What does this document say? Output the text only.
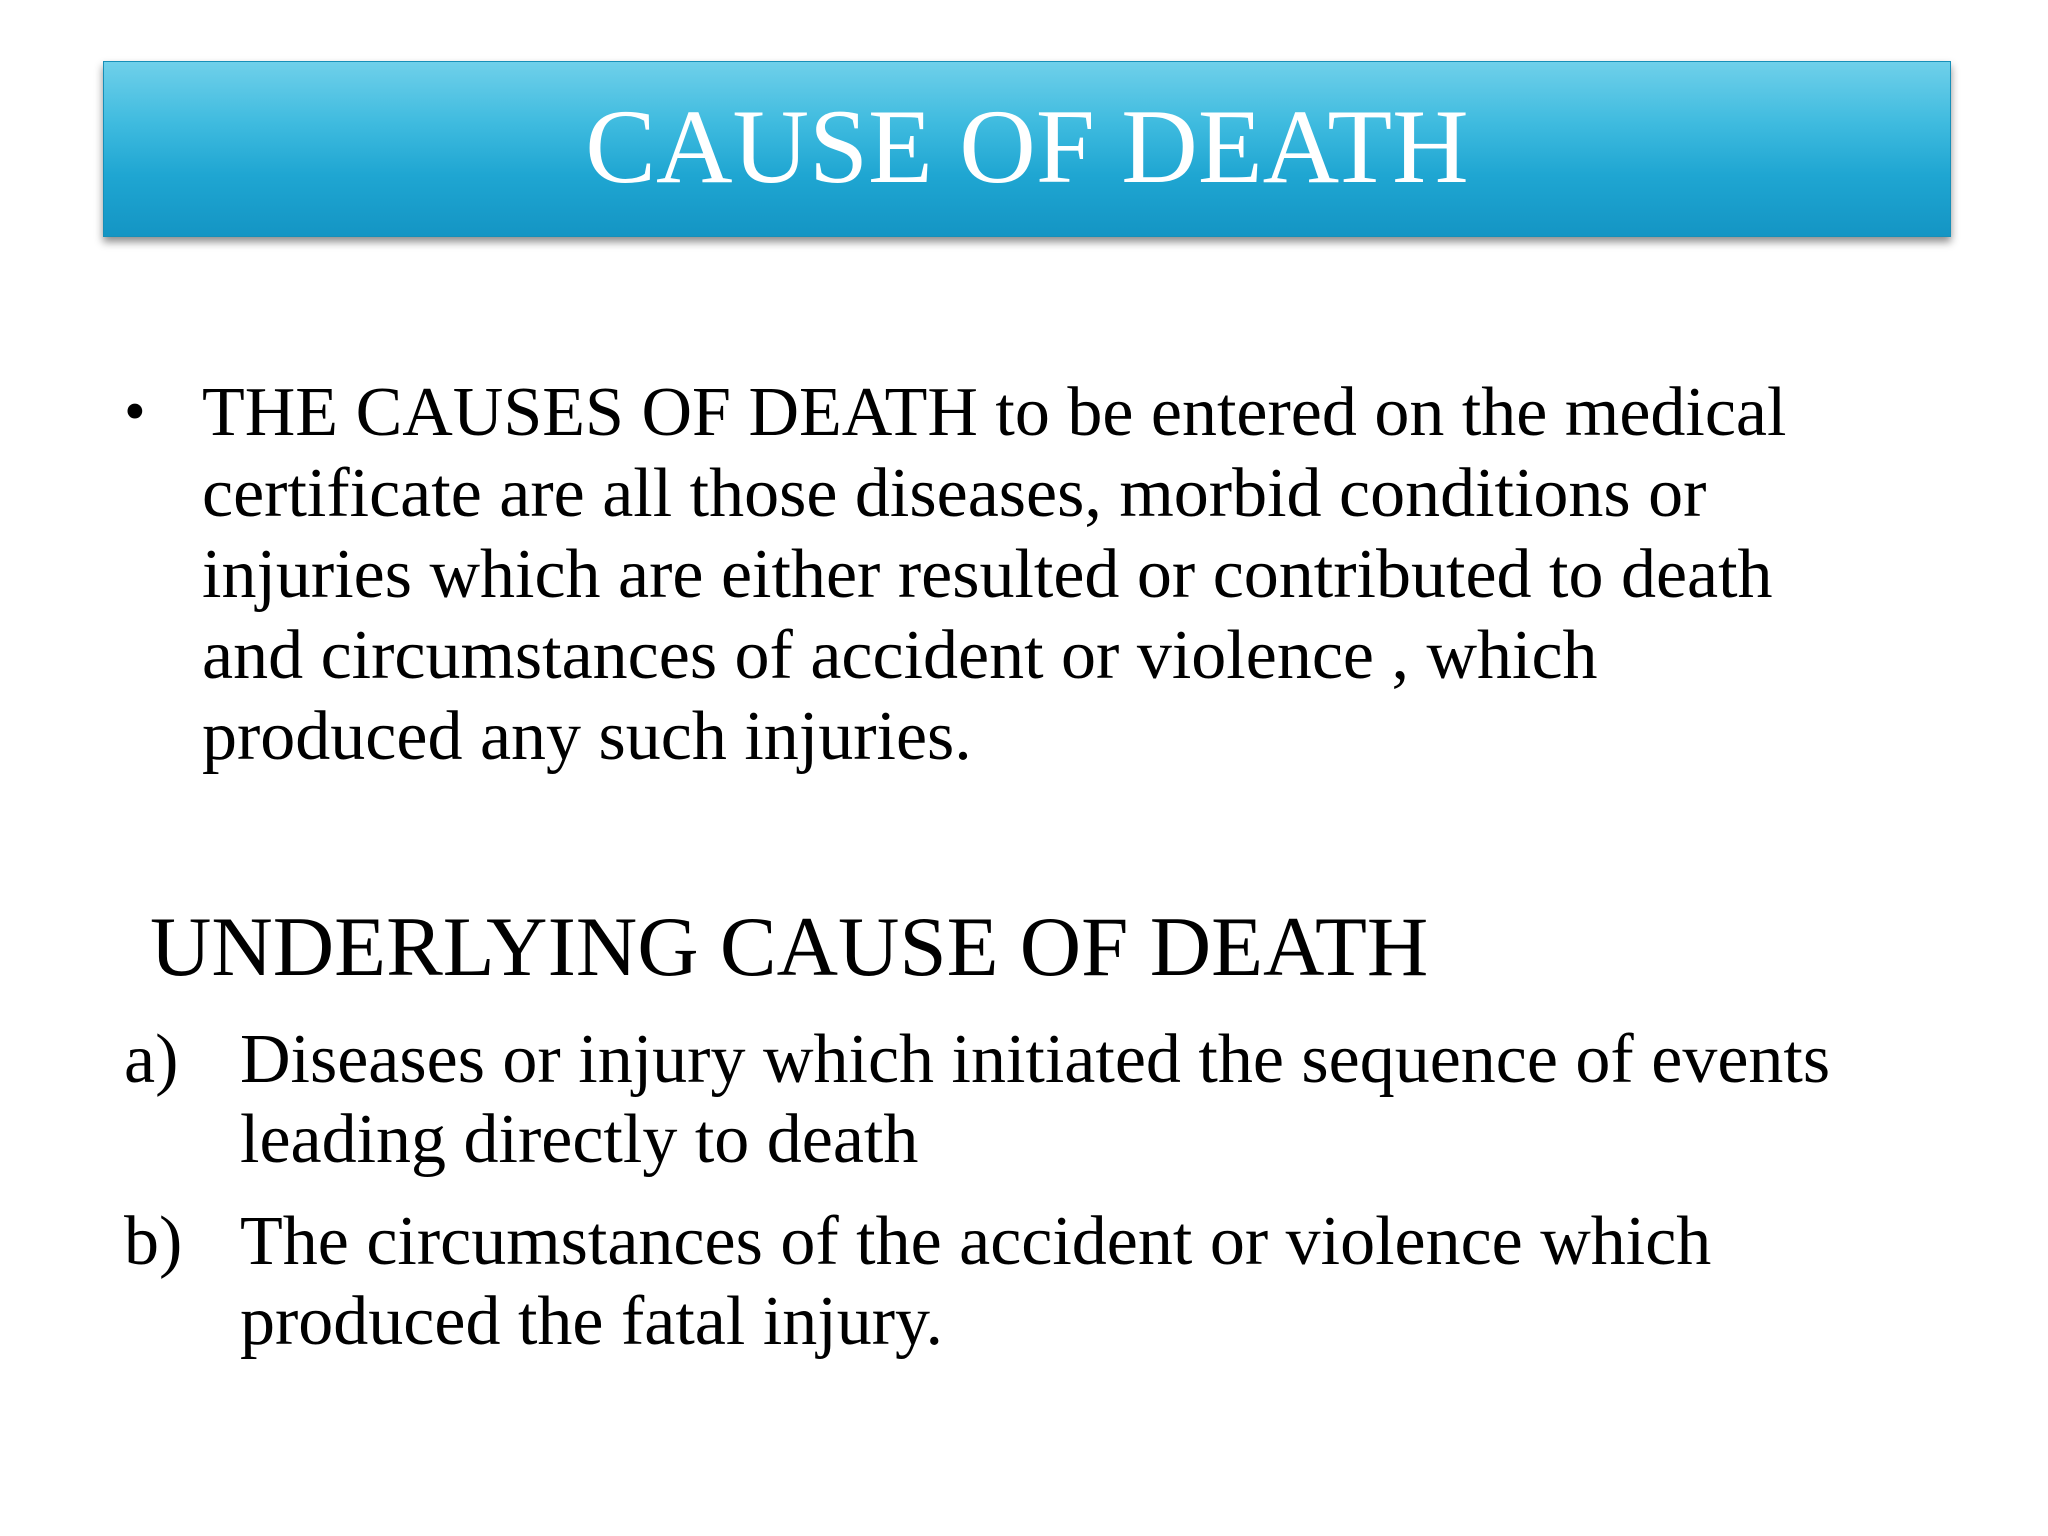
CAUSE OF DEATH
• THE CAUSES OF DEATH to be entered on the medical
certificate are all those diseases, morbid conditions or
injuries which are either resulted or contributed to death
and circumstances of accident or violence , which
produced any such injuries.
UNDERLYING CAUSE OF DEATH
a) Diseases or injury which initiated the sequence of events
leading directly to death
b) The circumstances of the accident or violence which
produced the fatal injury.
